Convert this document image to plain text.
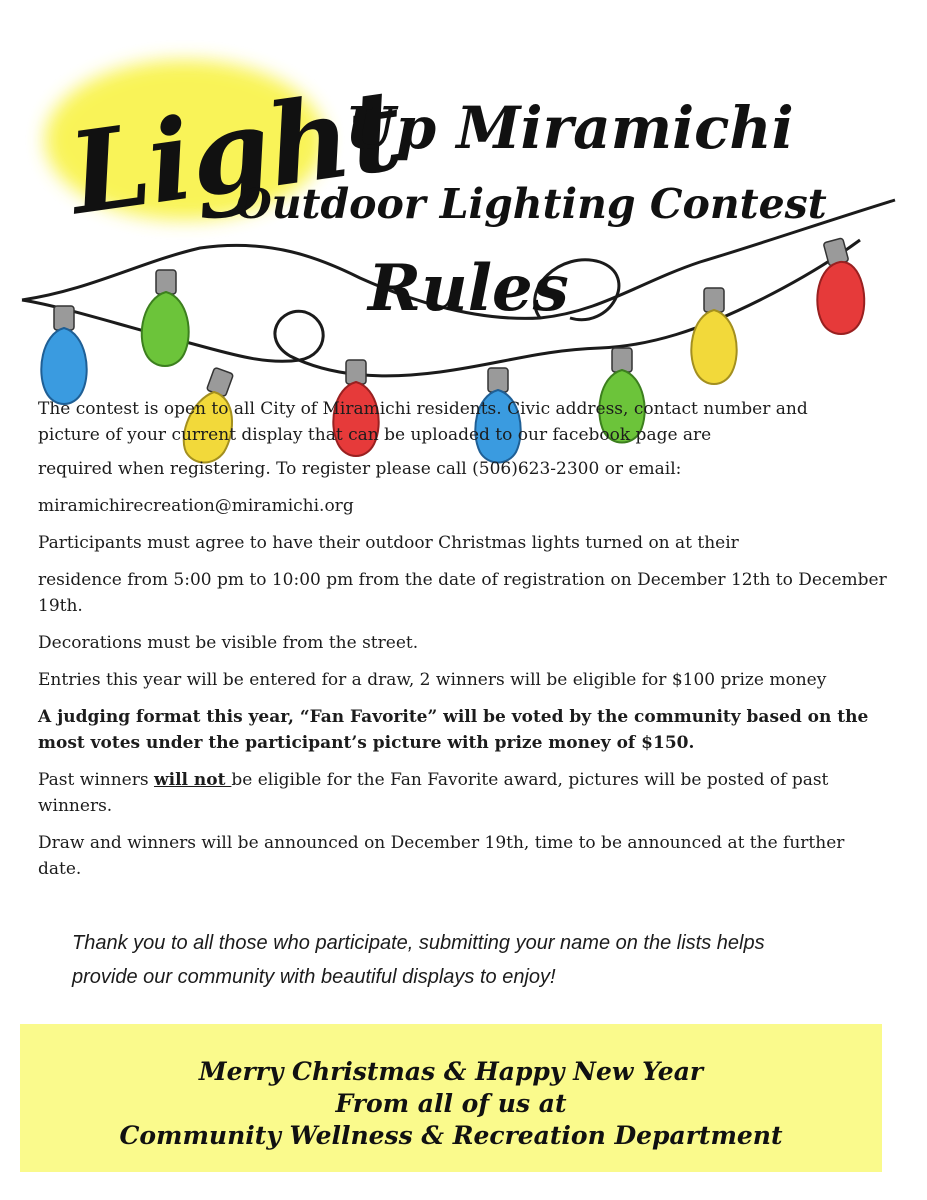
Light
Up Miramichi
Outdoor Lighting Contest
Rules

The contest is open to all City of Miramichi residents. Civic address, contact number and
picture of your current display that can be uploaded to our facebook page are

required when registering. To register please call (506)623-2300 or email:

miramichirecreation@miramichi.org

Participants must agree to have their outdoor Christmas lights turned on at their

residence from 5:00 pm to 10:00 pm from the date of registration on December 12th to December 19th.

Decorations must be visible from the street.

Entries this year will be entered for a draw, 2 winners will be eligible for $100 prize money

A judging format this year, “Fan Favorite” will be voted by the community based on the most votes under the participant’s picture with prize money of $150.

Past winners will not be eligible for the Fan Favorite award, pictures will be posted of past winners.

Draw and winners will be announced on December 19th, time to be announced at the further date.

Thank you to all those who participate, submitting your name on the lists helps
provide our community with beautiful displays to enjoy!
Merry Christmas & Happy New Year
From all of us at
Community Wellness & Recreation Department
